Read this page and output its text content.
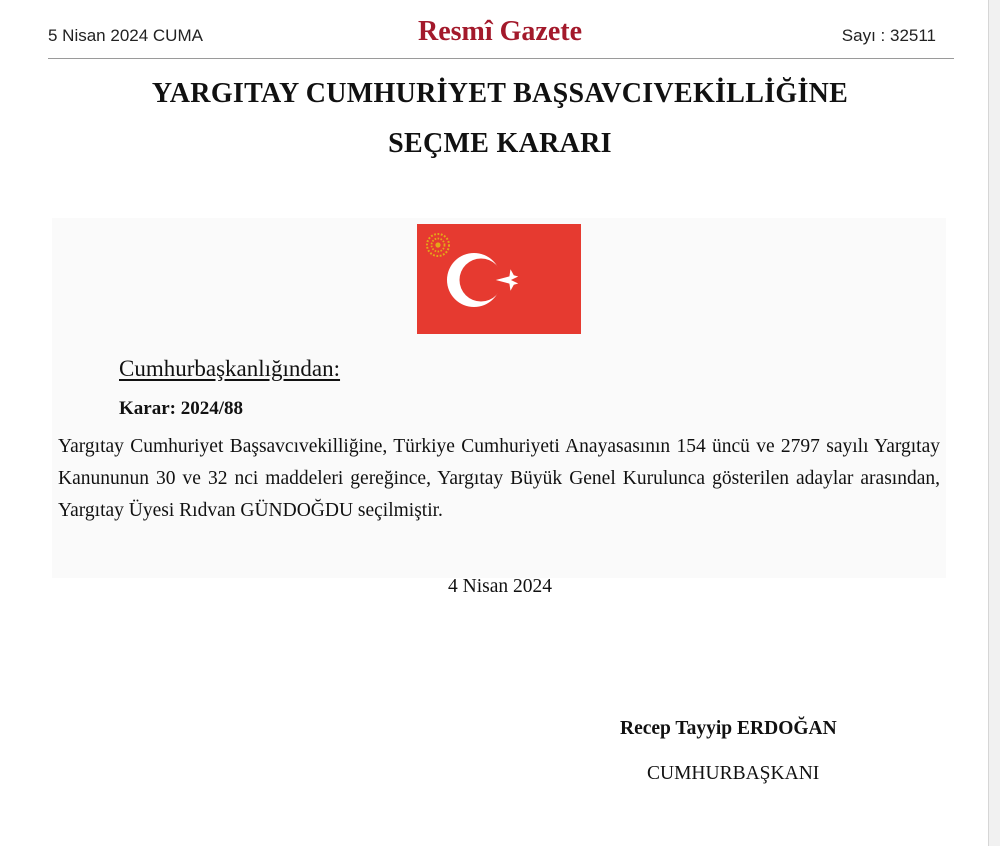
5 Nisan 2024 CUMA	Resmî Gazete	Sayı : 32511
YARGITAY CUMHURİYET BAŞSAVCIVEKİLLİĞİNE
SEÇME KARARI
Cumhurbaşkanlığından:
Karar: 2024/88
Yargıtay Cumhuriyet Başsavcıvekilliğine, Türkiye Cumhuriyeti Anayasasının 154 üncü ve 2797 sayılı Yargıtay Kanununun 30 ve 32 nci maddeleri gereğince, Yargıtay Büyük Genel Kurulunca gösterilen adaylar arasından, Yargıtay Üyesi Rıdvan GÜNDOĞDU seçilmiştir.
4 Nisan 2024
Recep Tayyip ERDOĞAN
CUMHURBAŞKANI
